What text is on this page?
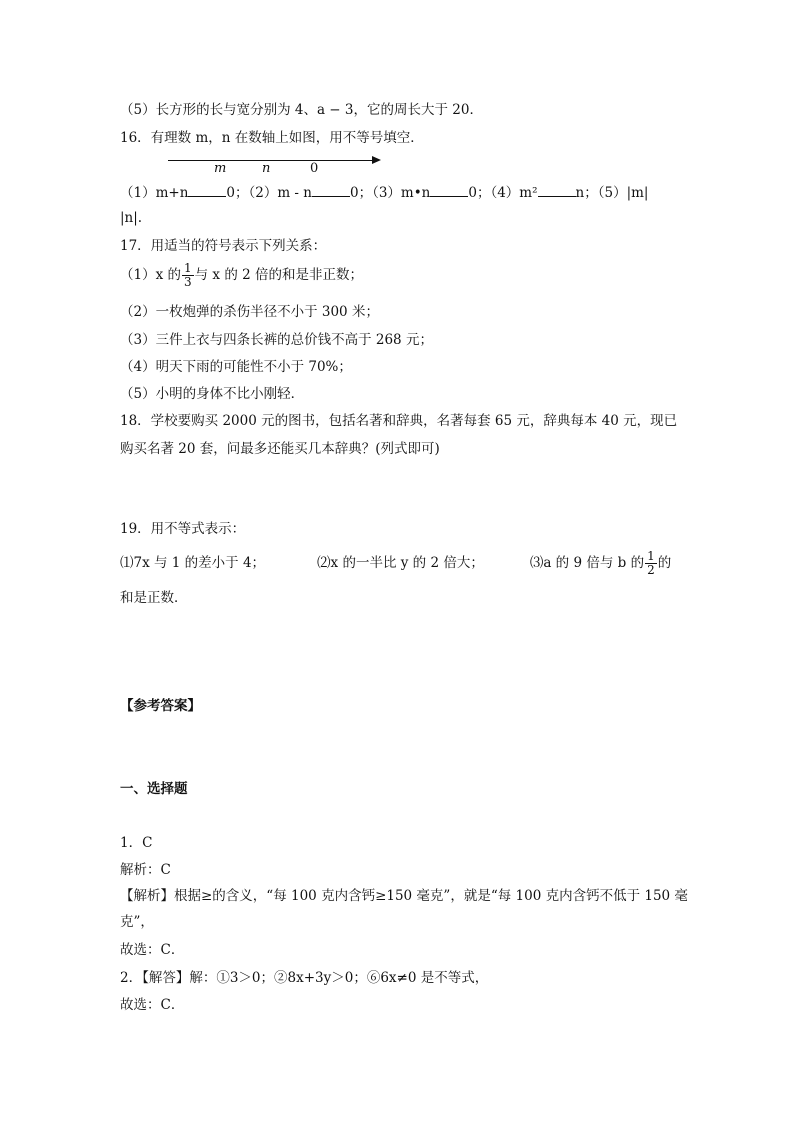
（5）长方形的长与宽分别为 4、a − 3，它的周长大于 20．
16．有理数 m，n 在数轴上如图，用不等号填空．
m	n	0
（1）m+n	0；（2）m - n	0；（3）m•n	0；（4）m²	n；（5）|m|
|n|.
17．用适当的符号表示下列关系：
（1）x 的 $\frac{1}{3}$ 与 x 的 2 倍的和是非正数；
（2）一枚炮弹的杀伤半径不小于 300 米；
（3）三件上衣与四条长裤的总价钱不高于 268 元；
（4）明天下雨的可能性不小于 70%；
（5）小明的身体不比小刚轻．
18．学校要购买 2000 元的图书，包括名著和辞典，名著每套 65 元，辞典每本 40 元，现已
购买名著 20 套，问最多还能买几本辞典？(列式即可)
19．用不等式表示：
⑴7x 与 1 的差小于 4；	⑵x 的一半比 y 的 2 倍大；	⑶a 的 9 倍与 b 的 $\frac{1}{2}$ 的
和是正数．
【参考答案】
一、选择题
1．C
解析：C
【解析】根据≥的含义，“每 100 克内含钙≥150 毫克”，就是“每 100 克内含钙不低于 150 毫
克”，
故选：C．
2．【解答】解：①3＞0；②8x+3y＞0；⑥6x≠0 是不等式，
故选：C．
